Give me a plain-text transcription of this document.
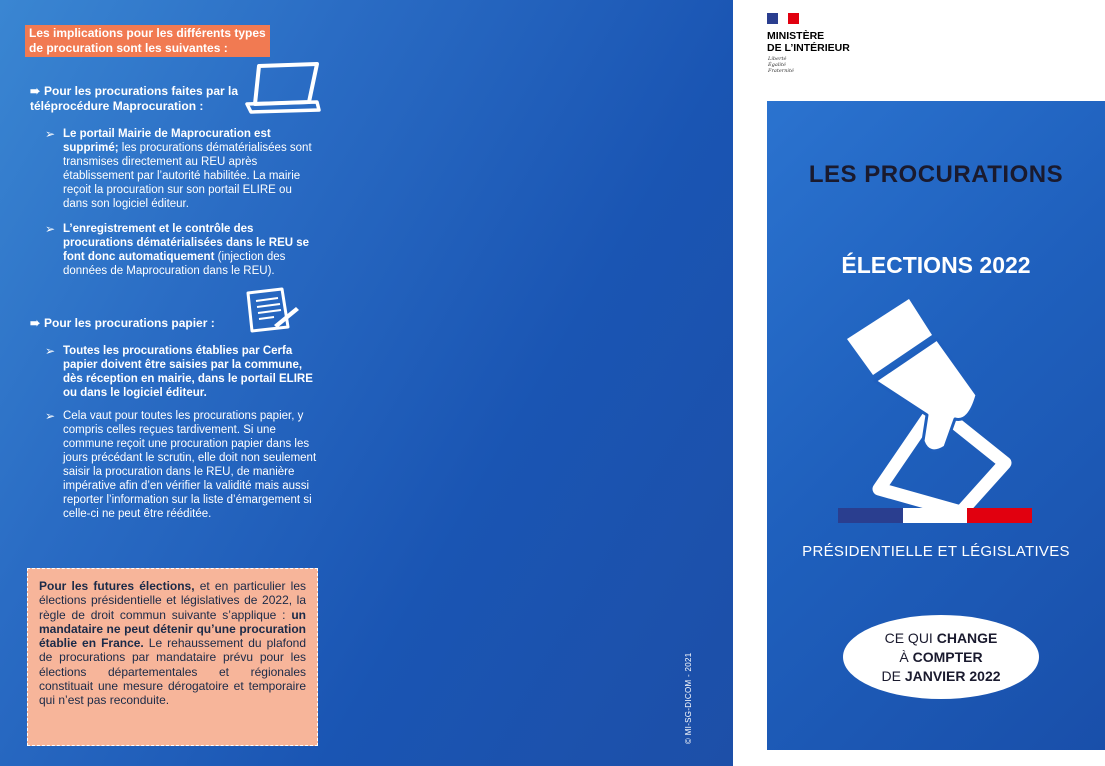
Les implications pour les différents types de procuration sont les suivantes :
➠ Pour les procurations faites par la téléprocédure Maprocuration :
➢ Le portail Mairie de Maprocuration est supprimé; les procurations dématérialisées sont transmises directement au REU après établissement par l’autorité habilitée. La mairie reçoit la procuration sur son portail ELIRE ou dans son logiciel éditeur.
➢ L’enregistrement et le contrôle des procurations dématérialisées dans le REU se font donc automatiquement (injection des données de Maprocuration dans le REU).
➠ Pour les procurations papier :
➢ Toutes les procurations établies par Cerfa papier doivent être saisies par la commune, dès réception en mairie, dans le portail ELIRE ou dans le logiciel éditeur.
➢ Cela vaut pour toutes les procurations papier, y compris celles reçues tardivement. Si une commune reçoit une procuration papier dans les jours précédant le scrutin, elle doit non seulement saisir la procuration dans le REU, de manière impérative afin d’en vérifier la validité mais aussi reporter l’information sur la liste d’émargement si celle-ci ne peut être rééditée.
Pour les futures élections, et en particulier les élections présidentielle et législatives de 2022, la règle de droit commun suivante s’applique : un mandataire ne peut détenir qu’une procuration établie en France. Le rehaussement du plafond de procurations par mandataire prévu pour les élections départementales et régionales constituait une mesure dérogatoire et temporaire qui n’est pas reconduite.	© MI-SG-DICOM - 2021
MINISTÈRE
DE L’INTÉRIEUR
Liberté
Égalité
Fraternité
LES PROCURATIONS
ÉLECTIONS 2022
PRÉSIDENTIELLE ET LÉGISLATIVES
CE QUI CHANGE
À COMPTER
DE JANVIER 2022
